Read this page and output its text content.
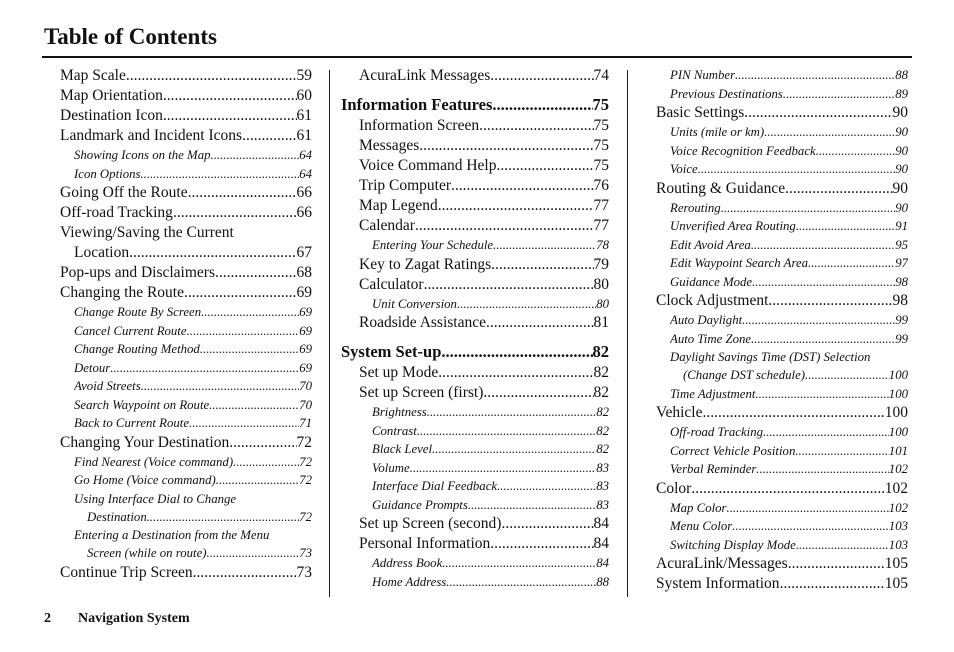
Table of Contents
Map Scale .....	59
Map Orientation .....	60
Destination Icon .....	61
Landmark and Incident Icons .....	61
Showing Icons on the Map .....	64
Icon Options .....	64
Going Off the Route .....	66
Off-road Tracking .....	66
Viewing/Saving the Current
Location .....	67
Pop-ups and Disclaimers .....	68
Changing the Route .....	69
Change Route By Screen .....	69
Cancel Current Route .....	69
Change Routing Method .....	69
Detour .....	69
Avoid Streets .....	70
Search Waypoint on Route .....	70
Back to Current Route .....	71
Changing Your Destination .....	72
Find Nearest (Voice command) .....	72
Go Home (Voice command) .....	72
Using Interface Dial to Change
Destination .....	72
Entering a Destination from the Menu
Screen (while on route) .....	73
Continue Trip Screen .....	73
AcuraLink Messages .....	74
Information Features .....	75
Information Screen .....	75
Messages .....	75
Voice Command Help .....	75
Trip Computer .....	76
Map Legend .....	77
Calendar .....	77
Entering Your Schedule .....	78
Key to Zagat Ratings .....	79
Calculator .....	80
Unit Conversion .....	80
Roadside Assistance .....	81
System Set-up .....	82
Set up Mode .....	82
Set up Screen (first) .....	82
Brightness .....	82
Contrast .....	82
Black Level .....	82
Volume .....	83
Interface Dial Feedback .....	83
Guidance Prompts .....	83
Set up Screen (second) .....	84
Personal Information .....	84
Address Book .....	84
Home Address .....	88
PIN Number .....	88
Previous Destinations .....	89
Basic Settings .....	90
Units (mile or km) .....	90
Voice Recognition Feedback .....	90
Voice .....	90
Routing & Guidance .....	90
Rerouting .....	90
Unverified Area Routing .....	91
Edit Avoid Area .....	95
Edit Waypoint Search Area .....	97
Guidance Mode .....	98
Clock Adjustment .....	98
Auto Daylight .....	99
Auto Time Zone .....	99
Daylight Savings Time (DST) Selection
(Change DST schedule) .....	100
Time Adjustment .....	100
Vehicle .....	100
Off-road Tracking .....	100
Correct Vehicle Position .....	101
Verbal Reminder .....	102
Color .....	102
Map Color .....	102
Menu Color .....	103
Switching Display Mode .....	103
AcuraLink/Messages .....	105
System Information .....	105
2 Navigation System
